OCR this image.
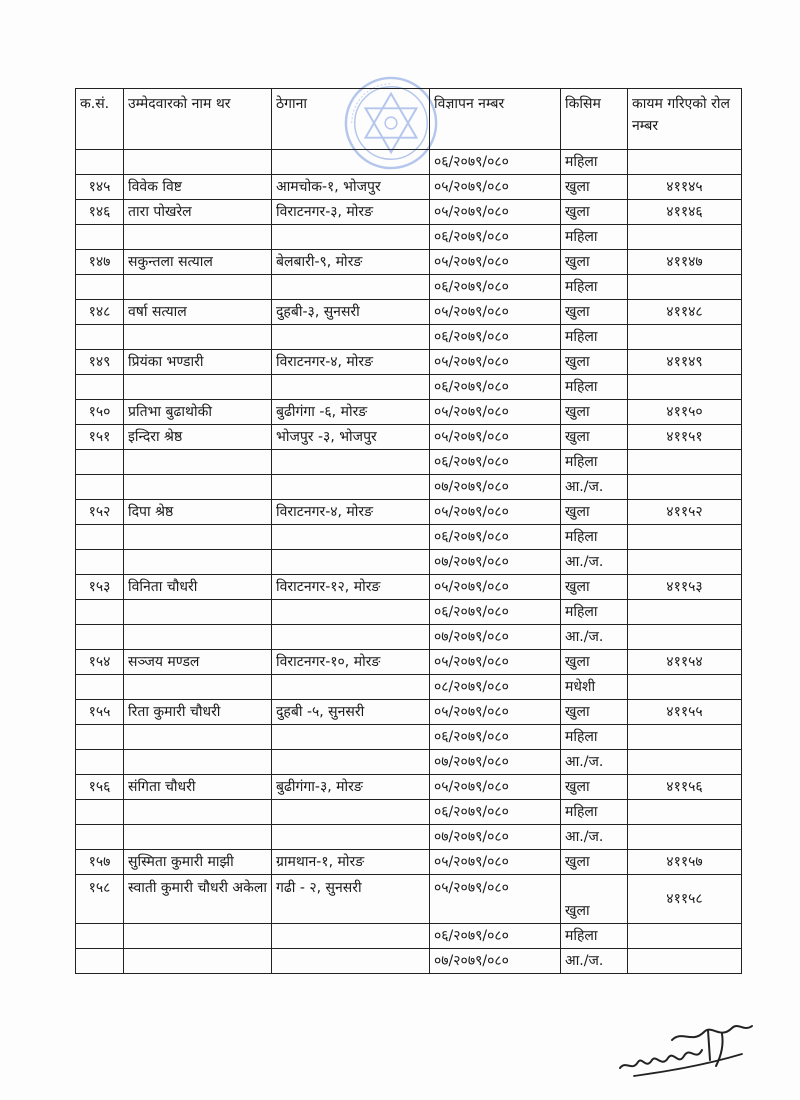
क.सं.	उम्मेदवारको नाम थर	ठेगाना	विज्ञापन नम्बर	किसिम	कायम गरिएको रोल नम्बर
			०६/२०७९/०८०	महिला	
१४५	विवेक विष्ट	आमचोक-१, भोजपुर	०५/२०७९/०८०	खुला	४११४५
१४६	तारा पोखरेल	विराटनगर-३, मोरङ	०५/२०७९/०८०	खुला	४११४६
			०६/२०७९/०८०	महिला	
१४७	सकुन्तला सत्याल	बेलबारी-९, मोरङ	०५/२०७९/०८०	खुला	४११४७
			०६/२०७९/०८०	महिला	
१४८	वर्षा सत्याल	दुहबी-३, सुनसरी	०५/२०७९/०८०	खुला	४११४८
			०६/२०७९/०८०	महिला	
१४९	प्रियंका भण्डारी	विराटनगर-४, मोरङ	०५/२०७९/०८०	खुला	४११४९
			०६/२०७९/०८०	महिला	
१५०	प्रतिभा बुढाथोकी	बुढीगंगा -६, मोरङ	०५/२०७९/०८०	खुला	४११५०
१५१	इन्दिरा श्रेष्ठ	भोजपुर -३, भोजपुर	०५/२०७९/०८०	खुला	४११५१
			०६/२०७९/०८०	महिला	
			०७/२०७९/०८०	आ./ज.	
१५२	दिपा श्रेष्ठ	विराटनगर-४, मोरङ	०५/२०७९/०८०	खुला	४११५२
			०६/२०७९/०८०	महिला	
			०७/२०७९/०८०	आ./ज.	
१५३	विनिता चौधरी	विराटनगर-१२, मोरङ	०५/२०७९/०८०	खुला	४११५३
			०६/२०७९/०८०	महिला	
			०७/२०७९/०८०	आ./ज.	
१५४	सञ्जय मण्डल	विराटनगर-१०, मोरङ	०५/२०७९/०८०	खुला	४११५४
			०८/२०७९/०८०	मधेशी	
१५५	रिता कुमारी चौधरी	दुहबी -५, सुनसरी	०५/२०७९/०८०	खुला	४११५५
			०६/२०७९/०८०	महिला	
			०७/२०७९/०८०	आ./ज.	
१५६	संगिता चौधरी	बुढीगंगा-३, मोरङ	०५/२०७९/०८०	खुला	४११५६
			०६/२०७९/०८०	महिला	
			०७/२०७९/०८०	आ./ज.	
१५७	सुस्मिता कुमारी माझी	ग्रामथान-१, मोरङ	०५/२०७९/०८०	खुला	४११५७
१५८	स्वाती कुमारी चौधरी अकेला	गढी - २, सुनसरी	०५/२०७९/०८०	खुला	४११५८
			०६/२०७९/०८०	महिला	
			०७/२०७९/०८०	आ./ज.	
